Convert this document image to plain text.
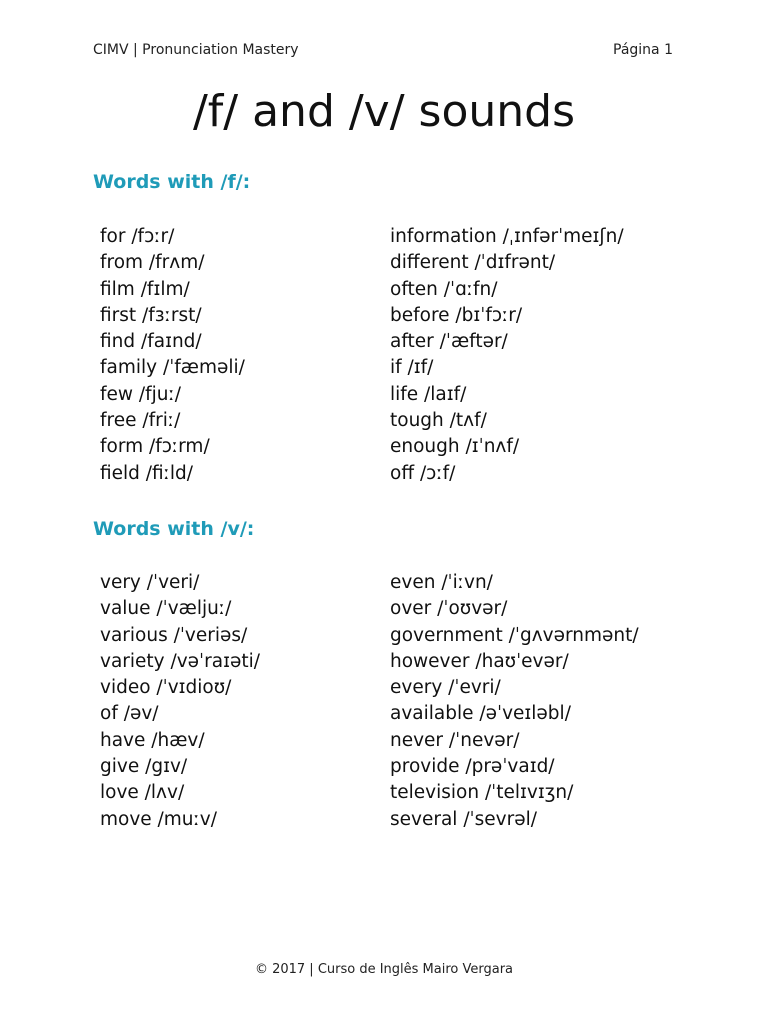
CIMV | Pronunciation Mastery	Página 1
/f/ and /v/ sounds
Words with /f/:
for /fɔːr/
from /frʌm/
film /fɪlm/
first /fɜːrst/
find /faɪnd/
family /ˈfæməli/
few /fjuː/
free /friː/
form /fɔːrm/
field /fiːld/
information /ˌɪnfərˈmeɪʃn/
different /ˈdɪfrənt/
often /ˈɑːfn/
before /bɪˈfɔːr/
after /ˈæftər/
if /ɪf/
life /laɪf/
tough /tʌf/
enough /ɪˈnʌf/
off /ɔːf/
Words with /v/:
very /ˈveri/
value /ˈvæljuː/
various /ˈveriəs/
variety /vəˈraɪəti/
video /ˈvɪdioʊ/
of /əv/
have /hæv/
give /gɪv/
love /lʌv/
move /muːv/
even /ˈiːvn/
over /ˈoʊvər/
government /ˈgʌvərnmənt/
however /haʊˈevər/
every /ˈevri/
available /əˈveɪləbl/
never /ˈnevər/
provide /prəˈvaɪd/
television /ˈtelɪvɪʒn/
several /ˈsevrəl/
© 2017 | Curso de Inglês Mairo Vergara
